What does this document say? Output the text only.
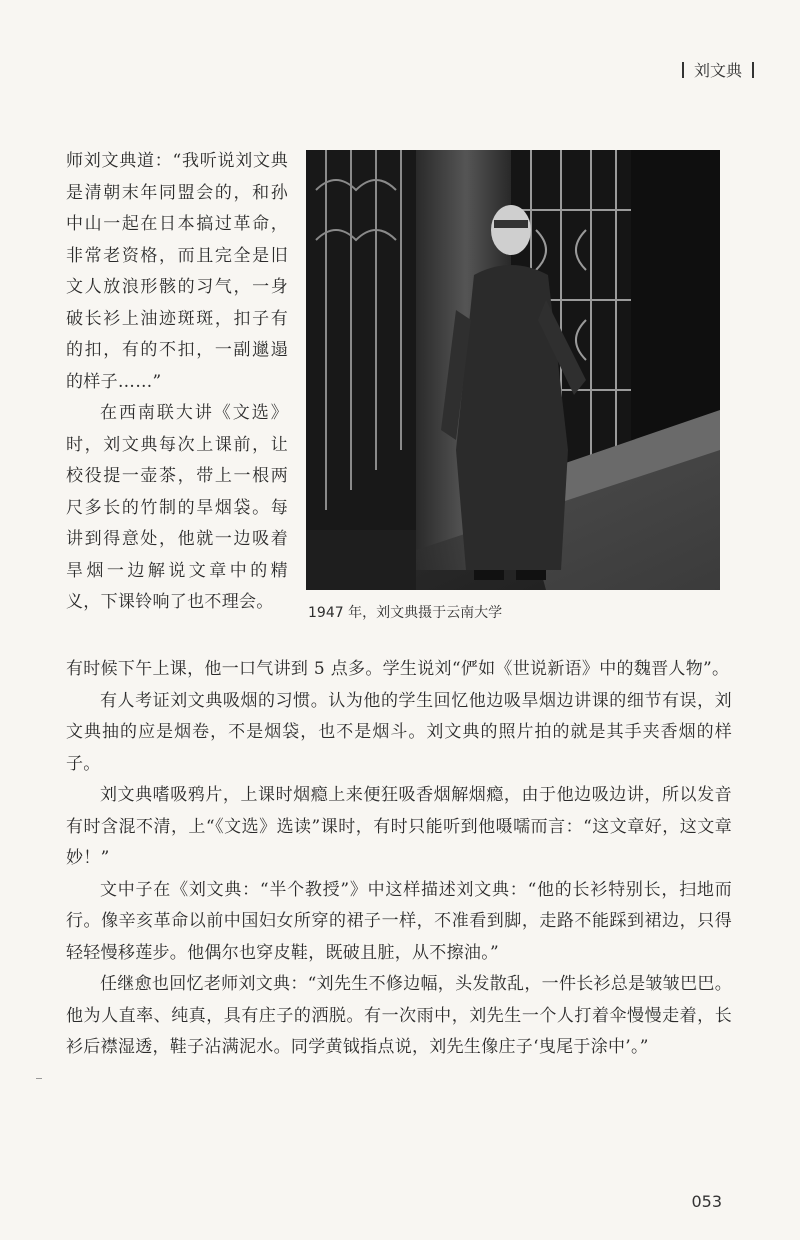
刘文典
1947 年，刘文典摄于云南大学

师刘文典道：“我听说刘文典是清朝末年同盟会的，和孙中山一起在日本搞过革命，非常老资格，而且完全是旧文人放浪形骸的习气，一身破长衫上油迹斑斑，扣子有的扣，有的不扣，一副邋遢的样子……”

在西南联大讲《文选》时，刘文典每次上课前，让校役提一壶茶，带上一根两尺多长的竹制的旱烟袋。每讲到得意处，他就一边吸着旱烟一边解说文章中的精义，下课铃响了也不理会。

有时候下午上课，他一口气讲到 5 点多。学生说刘“俨如《世说新语》中的魏晋人物”。

有人考证刘文典吸烟的习惯。认为他的学生回忆他边吸旱烟边讲课的细节有误，刘文典抽的应是烟卷，不是烟袋，也不是烟斗。刘文典的照片拍的就是其手夹香烟的样子。

刘文典嗜吸鸦片，上课时烟瘾上来便狂吸香烟解烟瘾，由于他边吸边讲，所以发音有时含混不清，上“《文选》选读”课时，有时只能听到他嗫嚅而言：“这文章好，这文章妙！”

文中子在《刘文典：“半个教授”》中这样描述刘文典：“他的长衫特别长，扫地而行。像辛亥革命以前中国妇女所穿的裙子一样，不准看到脚，走路不能踩到裙边，只得轻轻慢移莲步。他偶尔也穿皮鞋，既破且脏，从不擦油。”

任继愈也回忆老师刘文典：“刘先生不修边幅，头发散乱，一件长衫总是皱皱巴巴。他为人直率、纯真，具有庄子的洒脱。有一次雨中，刘先生一个人打着伞慢慢走着，长衫后襟湿透，鞋子沾满泥水。同学黄钺指点说，刘先生像庄子‘曳尾于涂中’。”

053
